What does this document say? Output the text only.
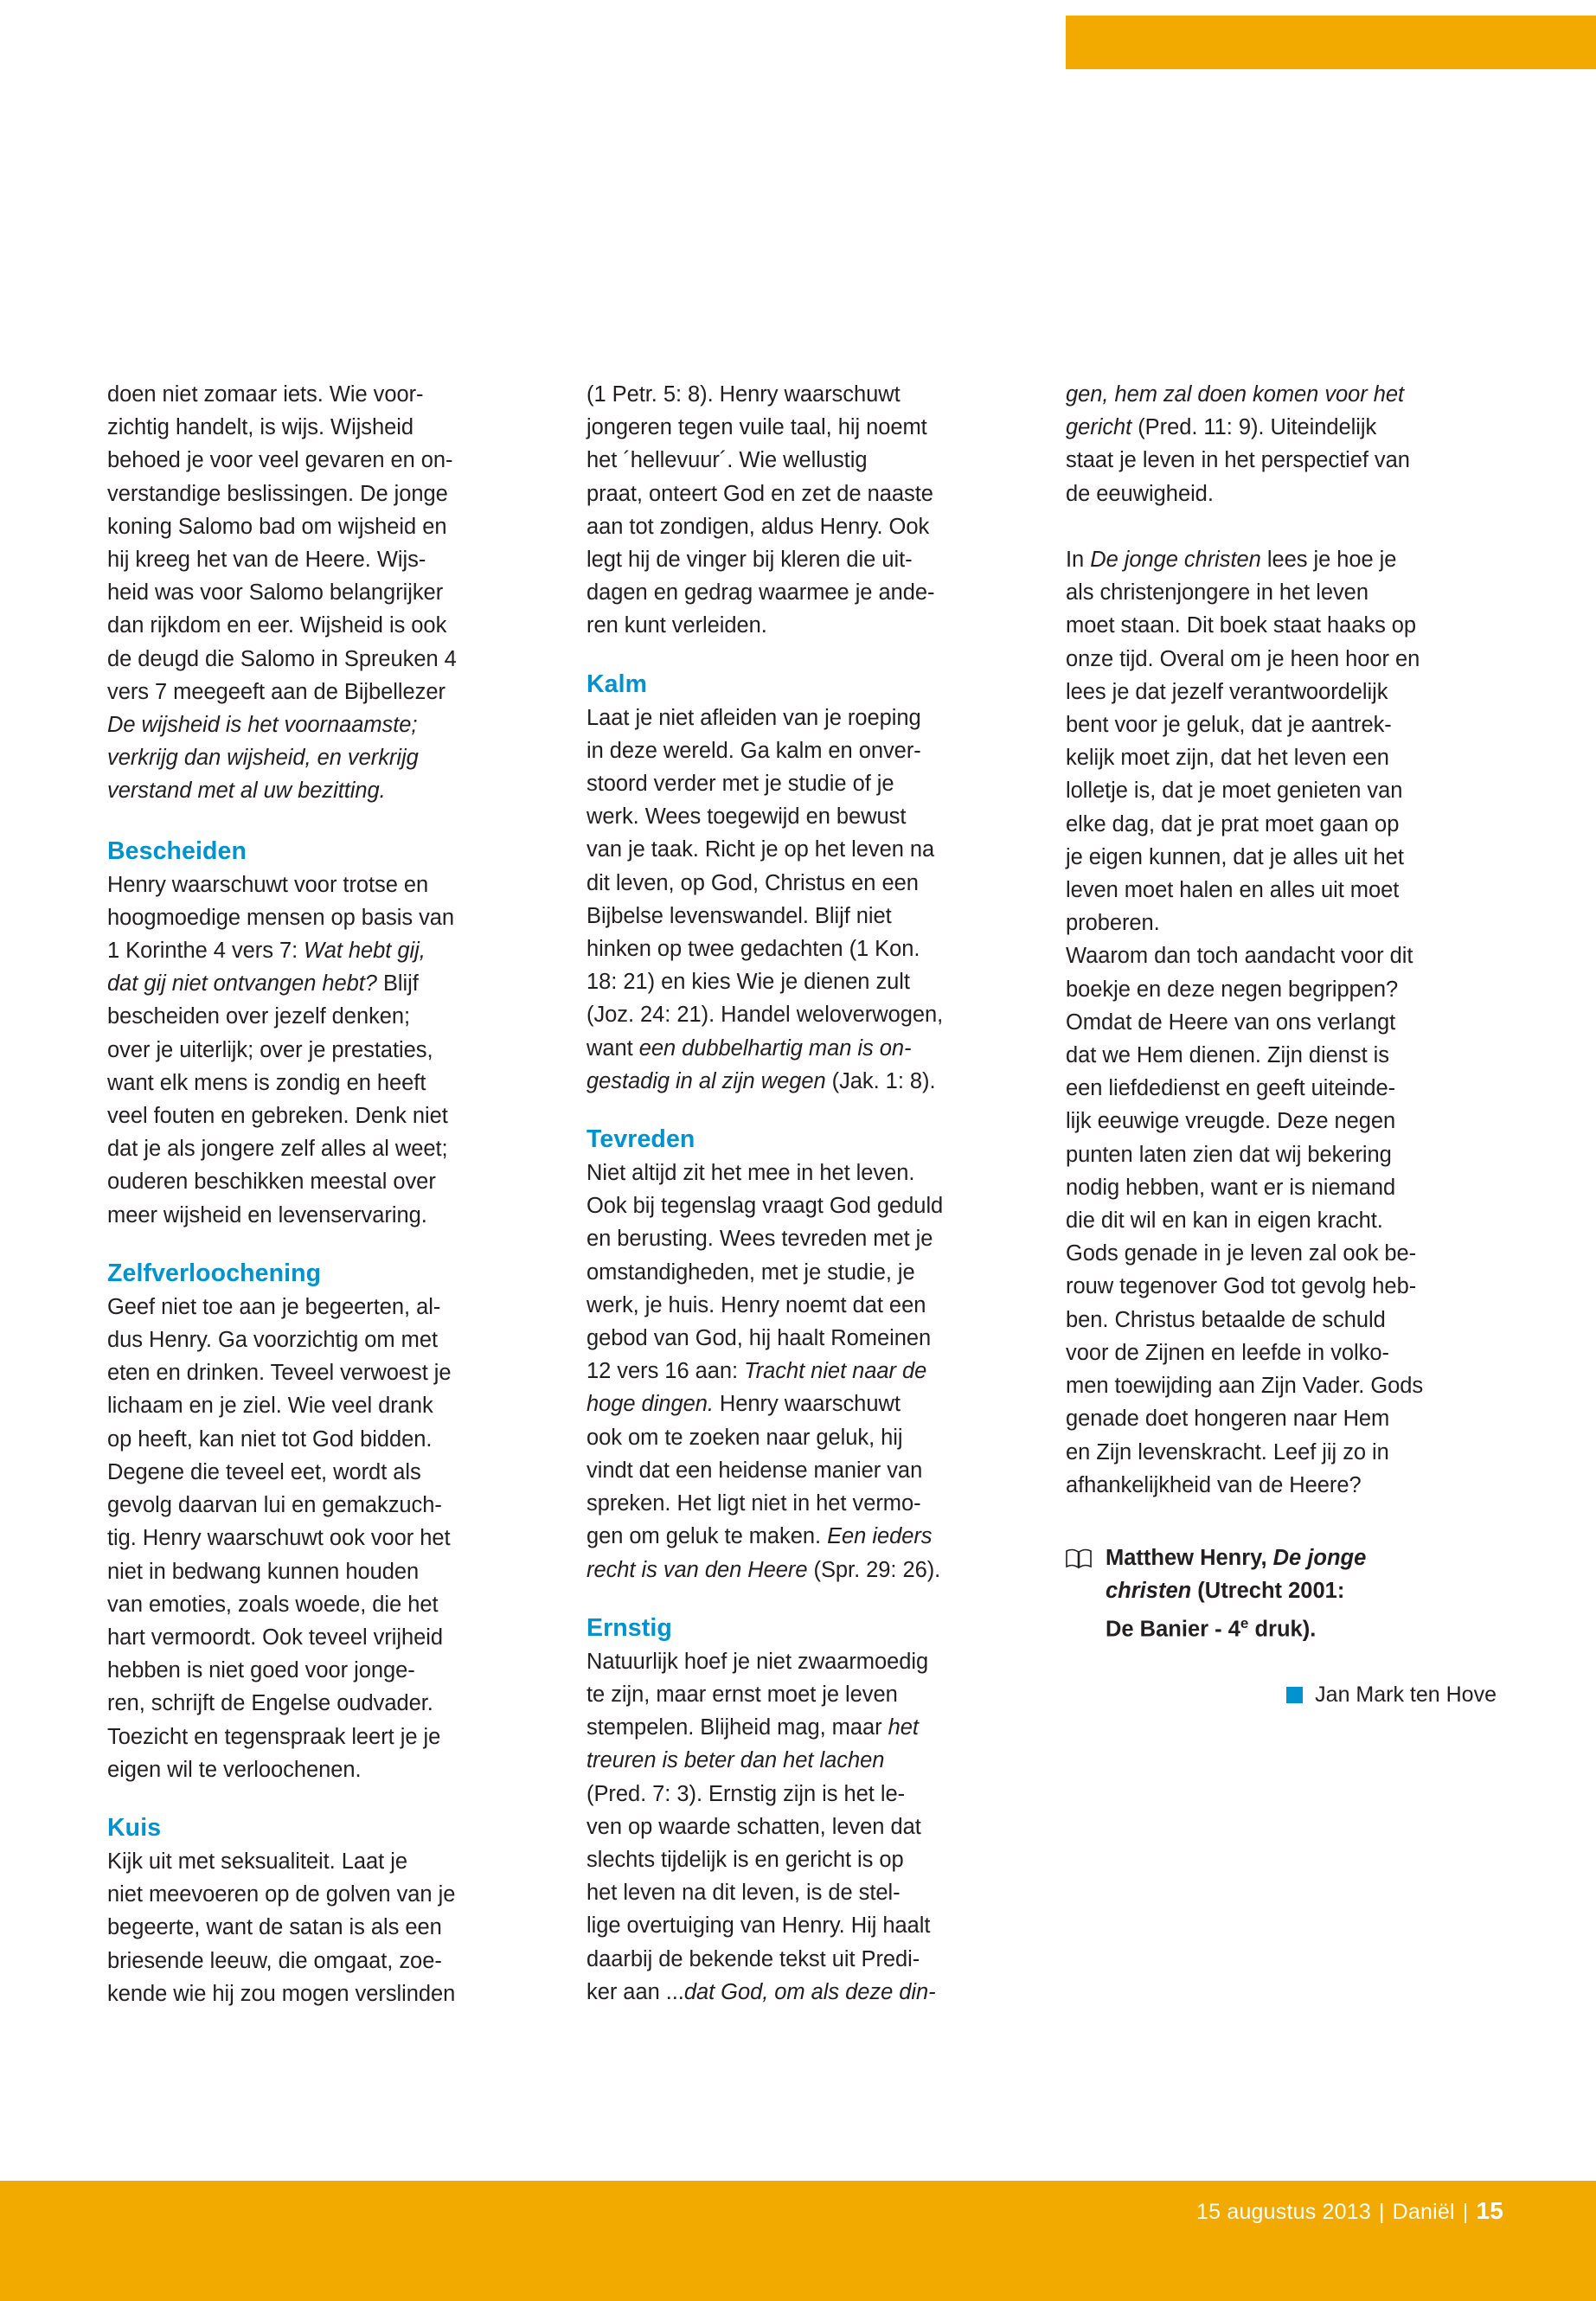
doen niet zomaar iets. Wie voor-
zichtig handelt, is wijs. Wijsheid
behoed je voor veel gevaren en on-
verstandige beslissingen. De jonge
koning Salomo bad om wijsheid en
hij kreeg het van de Heere. Wijs-
heid was voor Salomo belangrijker
dan rijkdom en eer. Wijsheid is ook
de deugd die Salomo in Spreuken 4
vers 7 meegeeft aan de Bijbellezer
De wijsheid is het voornaamste;
verkrijg dan wijsheid, en verkrijg
verstand met al uw bezitting.

Bescheiden

Henry waarschuwt voor trotse en
hoogmoedige mensen op basis van
1 Korinthe 4 vers 7: Wat hebt gij,
dat gij niet ontvangen hebt? Blijf
bescheiden over jezelf denken;
over je uiterlijk; over je prestaties,
want elk mens is zondig en heeft
veel fouten en gebreken. Denk niet
dat je als jongere zelf alles al weet;
ouderen beschikken meestal over
meer wijsheid en levenservaring.

Zelfverloochening

Geef niet toe aan je begeerten, al-
dus Henry. Ga voorzichtig om met
eten en drinken. Teveel verwoest je
lichaam en je ziel. Wie veel drank
op heeft, kan niet tot God bidden.
Degene die teveel eet, wordt als
gevolg daarvan lui en gemakzuch-
tig. Henry waarschuwt ook voor het
niet in bedwang kunnen houden
van emoties, zoals woede, die het
hart vermoordt. Ook teveel vrijheid
hebben is niet goed voor jonge-
ren, schrijft de Engelse oudvader.
Toezicht en tegenspraak leert je je
eigen wil te verloochenen.

Kuis

Kijk uit met seksualiteit. Laat je
niet meevoeren op de golven van je
begeerte, want de satan is als een
briesende leeuw, die omgaat, zoe-
kende wie hij zou mogen verslinden

(1 Petr. 5: 8). Henry waarschuwt
jongeren tegen vuile taal, hij noemt
het ´hellevuur´. Wie wellustig
praat, onteert God en zet de naaste
aan tot zondigen, aldus Henry. Ook
legt hij de vinger bij kleren die uit-
dagen en gedrag waarmee je ande-
ren kunt verleiden.

Kalm

Laat je niet afleiden van je roeping
in deze wereld. Ga kalm en onver-
stoord verder met je studie of je
werk. Wees toegewijd en bewust
van je taak. Richt je op het leven na
dit leven, op God, Christus en een
Bijbelse levenswandel. Blijf niet
hinken op twee gedachten (1 Kon.
18: 21) en kies Wie je dienen zult
(Joz. 24: 21). Handel weloverwogen,
want een dubbelhartig man is on-
gestadig in al zijn wegen (Jak. 1: 8).

Tevreden

Niet altijd zit het mee in het leven.
Ook bij tegenslag vraagt God geduld
en berusting. Wees tevreden met je
omstandigheden, met je studie, je
werk, je huis. Henry noemt dat een
gebod van God, hij haalt Romeinen
12 vers 16 aan: Tracht niet naar de
hoge dingen. Henry waarschuwt
ook om te zoeken naar geluk, hij
vindt dat een heidense manier van
spreken. Het ligt niet in het vermo-
gen om geluk te maken. Een ieders
recht is van den Heere (Spr. 29: 26).

Ernstig

Natuurlijk hoef je niet zwaarmoedig
te zijn, maar ernst moet je leven
stempelen. Blijheid mag, maar het
treuren is beter dan het lachen
(Pred. 7: 3). Ernstig zijn is het le-
ven op waarde schatten, leven dat
slechts tijdelijk is en gericht is op
het leven na dit leven, is de stel-
lige overtuiging van Henry. Hij haalt
daarbij de bekende tekst uit Predi-
ker aan ...dat God, om als deze din-

gen, hem zal doen komen voor het
gericht (Pred. 11: 9). Uiteindelijk
staat je leven in het perspectief van
de eeuwigheid.

In De jonge christen lees je hoe je
als christenjongere in het leven
moet staan. Dit boek staat haaks op
onze tijd. Overal om je heen hoor en
lees je dat jezelf verantwoordelijk
bent voor je geluk, dat je aantrek-
kelijk moet zijn, dat het leven een
lolletje is, dat je moet genieten van
elke dag, dat je prat moet gaan op
je eigen kunnen, dat je alles uit het
leven moet halen en alles uit moet
proberen.
Waarom dan toch aandacht voor dit
boekje en deze negen begrippen?
Omdat de Heere van ons verlangt
dat we Hem dienen. Zijn dienst is
een liefdedienst en geeft uiteinde-
lijk eeuwige vreugde. Deze negen
punten laten zien dat wij bekering
nodig hebben, want er is niemand
die dit wil en kan in eigen kracht.
Gods genade in je leven zal ook be-
rouw tegenover God tot gevolg heb-
ben. Christus betaalde de schuld
voor de Zijnen en leefde in volko-
men toewijding aan Zijn Vader. Gods
genade doet hongeren naar Hem
en Zijn levenskracht. Leef jij zo in
afhankelijkheid van de Heere?

Matthew Henry, De jonge
christen (Utrecht 2001:
De Banier - 4e druk).
Jan Mark ten Hove
15 augustus 2013 | Daniël | 15
